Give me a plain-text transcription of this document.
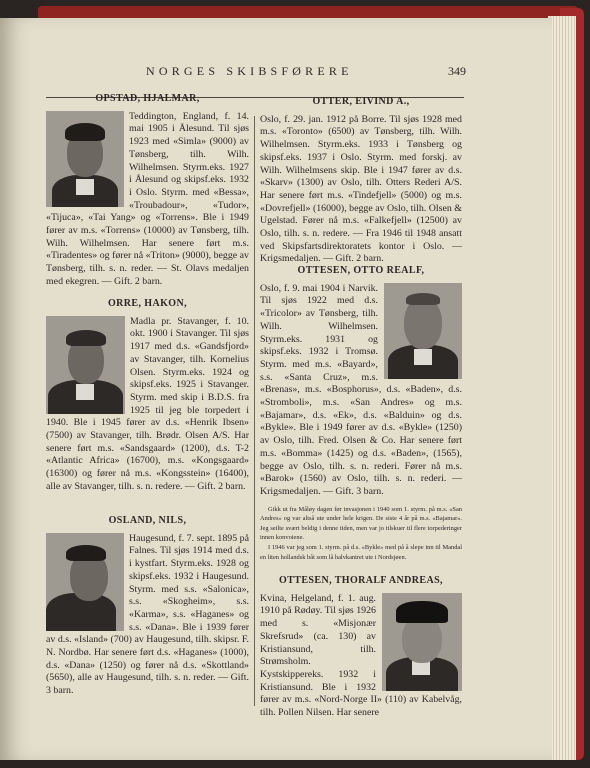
NORGES SKIBSFØRERE	349
OPSTAD, HJALMAR,
Teddington, England, f. 14. mai 1905 i Ålesund. Til sjøs 1923 med «Simla» (9000) av Tønsberg, tilh. Wilh. Wilhelmsen. Styrm.eks. 1927 i Ålesund og skipsf.eks. 1932 i Oslo. Styrm. med «Bessa», «Troubadour», «Tudor», «Tijuca», «Tai Yang» og «Torrens». Ble i 1949 fører av m.s. «Torrens» (10000) av Tønsberg, tilh. Wilh. Wilhelmsen. Har senere ført m.s. «Tiradentes» og fører nå «Triton» (9000), begge av Tønsberg, tilh. s. n. reder. — St. Olavs medaljen med ekegren. — Gift. 2 barn.
ORRE, HAKON,
Madla pr. Stavanger, f. 10. okt. 1900 i Stavanger. Til sjøs 1917 med d.s. «Gandsfjord» av Stavanger, tilh. Kornelius Olsen. Styrm.eks. 1924 og skipsf.eks. 1925 i Stavanger. Styrm. med skip i B.D.S. fra 1925 til jeg ble torpedert i 1940. Ble i 1945 fører av d.s. «Henrik Ibsen» (7500) av Stavanger, tilh. Brødr. Olsen A/S. Har senere ført m.s. «Sandsgaard» (1200), d.s. T-2 «Atlantic Africa» (16700), m.s. «Kongsgaard» (16300) og fører nå m.s. «Kongsstein» (16400), alle av Stavanger, tilh. s. n. redere. — Gift. 2 barn.
OSLAND, NILS,
Haugesund, f. 7. sept. 1895 på Falnes. Til sjøs 1914 med d.s. i kystfart. Styrm.eks. 1928 og skipsf.eks. 1932 i Haugesund. Styrm. med s.s. «Salonica», s.s. «Skogheim», s.s. «Karma», s.s. «Haganes» og s.s. «Dana». Ble i 1939 fører av d.s. «Island» (700) av Haugesund, tilh. skipsr. F. N. Nordbø. Har senere ført d.s. «Haganes» (1000), d.s. «Dana» (1250) og fører nå d.s. «Skottland» (5650), alle av Haugesund, tilh. s. n. reder. — Gift. 3 barn.
OTTER, EIVIND A.,
Oslo, f. 29. jan. 1912 på Borre. Til sjøs 1928 med m.s. «Toronto» (6500) av Tønsberg, tilh. Wilh. Wilhelmsen. Styrm.eks. 1933 i Tønsberg og skipsf.eks. 1937 i Oslo. Styrm. med forskj. av Wilh. Wilhelmsens skip. Ble i 1947 fører av d.s. «Skarv» (1300) av Oslo, tilh. Otters Rederi A/S. Har senere ført m.s. «Tindefjell» (5000) og m.s. «Dovrefjell» (16000), begge av Oslo, tilh. Olsen & Ugelstad. Fører nå m.s. «Falkefjell» (12500) av Oslo, tilh. s. n. redere. — Fra 1946 til 1948 ansatt ved Skipsfartsdirektoratets kontor i Oslo. — Krigsmedaljen. — Gift. 2 barn.
OTTESEN, OTTO REALF,
Oslo, f. 9. mai 1904 i Narvik. Til sjøs 1922 med d.s. «Tricolor» av Tønsberg, tilh. Wilh. Wilhelmsen. Styrm.eks. 1931 og skipsf.eks. 1932 i Tromsø. Styrm. med m.s. «Bayard», s.s. «Santa Cruz», m.s. «Brenas», m.s. «Bosphorus», d.s. «Baden», d.s. «Stromboli», m.s. «San Andres» og m.s. «Bajamar», d.s. «Ek», d.s. «Balduin» og d.s. «Bykle». Ble i 1949 fører av d.s. «Bykle» (1250) av Oslo, tilh. Fred. Olsen & Co. Har senere ført m.s. «Bomma» (1425) og d.s. «Baden», (1565), begge av Oslo, tilh. s. n. rederi. Fører nå m.s. «Barok» (1560) av Oslo, tilh. s. n. rederi. — Krigsmedaljen. — Gift. 3 barn.

Gikk ut fra Måløy dagen før invasjonen i 1940 som 1. styrm. på m.s. «San Andres» og var altså ute under hele krigen. De siste 4 år på m.s. «Bajamar». Jeg seilte svært beldig i denne tiden, men var jo tilskuer til flere torpederinger innen konvoiene.

I 1946 var jeg som 1. styrm. på d.s. «Bykle» med på å slepe inn til Mandal en liten hollandsk båt som lå halvkantret ute i Nordsjøen.

OTTESEN, THORALF ANDREAS,
Kvina, Helgeland, f. 1. aug. 1910 på Rødøy. Til sjøs 1926 med s. «Misjonær Skrefsrud» (ca. 130) av Kristiansund, tilh. Strømsholm. Kystskippereks. 1932 i Kristiansund. Ble i 1932 fører av m.s. «Nord-Norge II» (110) av Kabelvåg, tilh. Pollen Nilsen. Har senere
